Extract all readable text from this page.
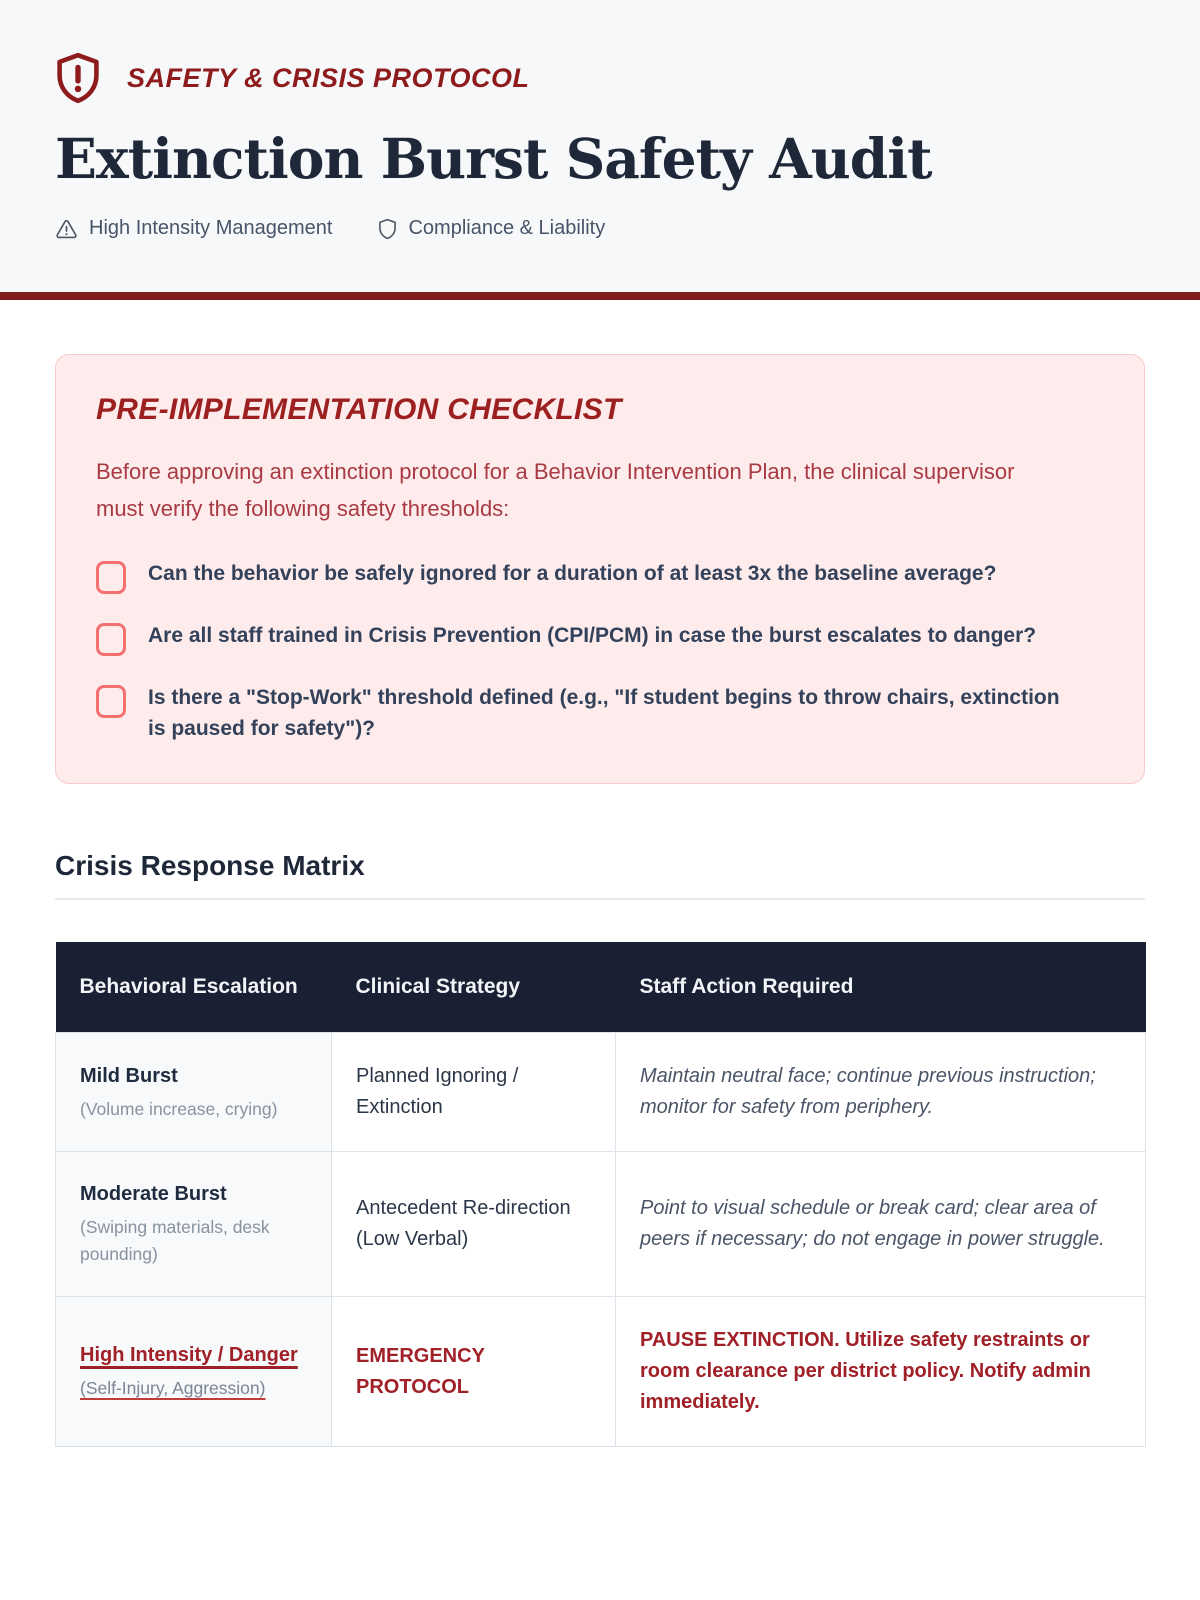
SAFETY & CRISIS PROTOCOL
Extinction Burst Safety Audit
High Intensity Management	Compliance & Liability
PRE-IMPLEMENTATION CHECKLIST

Before approving an extinction protocol for a Behavior Intervention Plan, the clinical supervisor must verify the following safety thresholds:

Can the behavior be safely ignored for a duration of at least 3x the baseline average?
Are all staff trained in Crisis Prevention (CPI/PCM) in case the burst escalates to danger?
Is there a "Stop-Work" threshold defined (e.g., "If student begins to throw chairs, extinction is paused for safety")?
Crisis Response Matrix
Behavioral Escalation	Clinical Strategy	Staff Action Required

Mild Burst
(Volume increase, crying)	Planned Ignoring / Extinction	Maintain neutral face; continue previous instruction; monitor for safety from periphery.

Moderate Burst
(Swiping materials, desk pounding)	Antecedent Re-direction (Low Verbal)	Point to visual schedule or break card; clear area of peers if necessary; do not engage in power struggle.

High Intensity / Danger
(Self-Injury, Aggression)	EMERGENCY PROTOCOL	PAUSE EXTINCTION. Utilize safety restraints or room clearance per district policy. Notify admin immediately.
